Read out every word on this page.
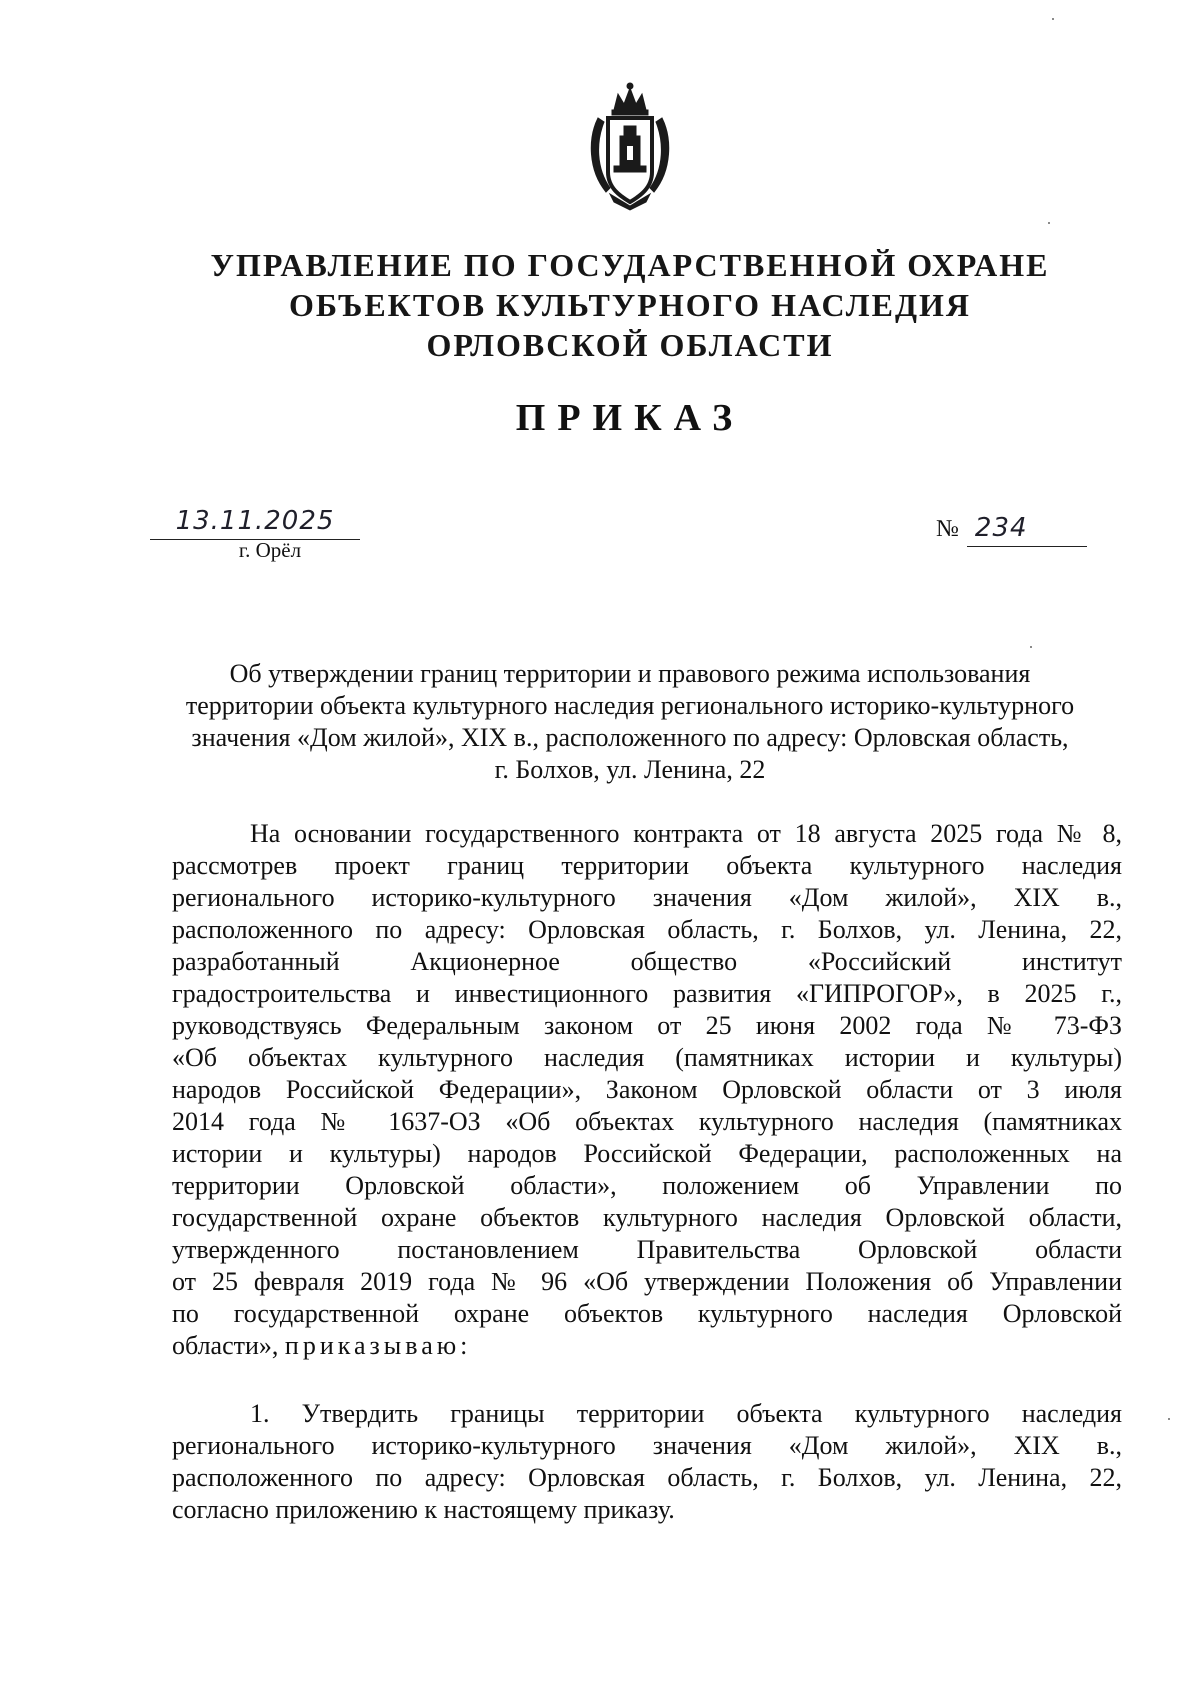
УПРАВЛЕНИЕ ПО ГОСУДАРСТВЕННОЙ ОХРАНЕ
ОБЪЕКТОВ КУЛЬТУРНОГО НАСЛЕДИЯ
ОРЛОВСКОЙ ОБЛАСТИ
ПРИКАЗ
13.11.2025
г. Орёл
№ 234
Об утверждении границ территории и правового режима использования
территории объекта культурного наследия регионального историко-культурного
значения «Дом жилой», XIX в., расположенного по адресу: Орловская область,
г. Болхов, ул. Ленина, 22
На основании государственного контракта от 18 августа 2025 года № 8,
рассмотрев проект границ территории объекта культурного наследия
регионального историко-культурного значения «Дом жилой», XIX в.,
расположенного по адресу: Орловская область, г. Болхов, ул. Ленина, 22,
разработанный Акционерное общество «Российский институт
градостроительства и инвестиционного развития «ГИПРОГОР», в 2025 г.,
руководствуясь Федеральным законом от 25 июня 2002 года № 73-ФЗ
«Об объектах культурного наследия (памятниках истории и культуры)
народов Российской Федерации», Законом Орловской области от 3 июля
2014 года № 1637-ОЗ «Об объектах культурного наследия (памятниках
истории и культуры) народов Российской Федерации, расположенных на
территории Орловской области», положением об Управлении по
государственной охране объектов культурного наследия Орловской области,
утвержденного постановлением Правительства Орловской области
от 25 февраля 2019 года № 96 «Об утверждении Положения об Управлении
по государственной охране объектов культурного наследия Орловской
области», приказываю:
1. Утвердить границы территории объекта культурного наследия
регионального историко-культурного значения «Дом жилой», XIX в.,
расположенного по адресу: Орловская область, г. Болхов, ул. Ленина, 22,
согласно приложению к настоящему приказу.
